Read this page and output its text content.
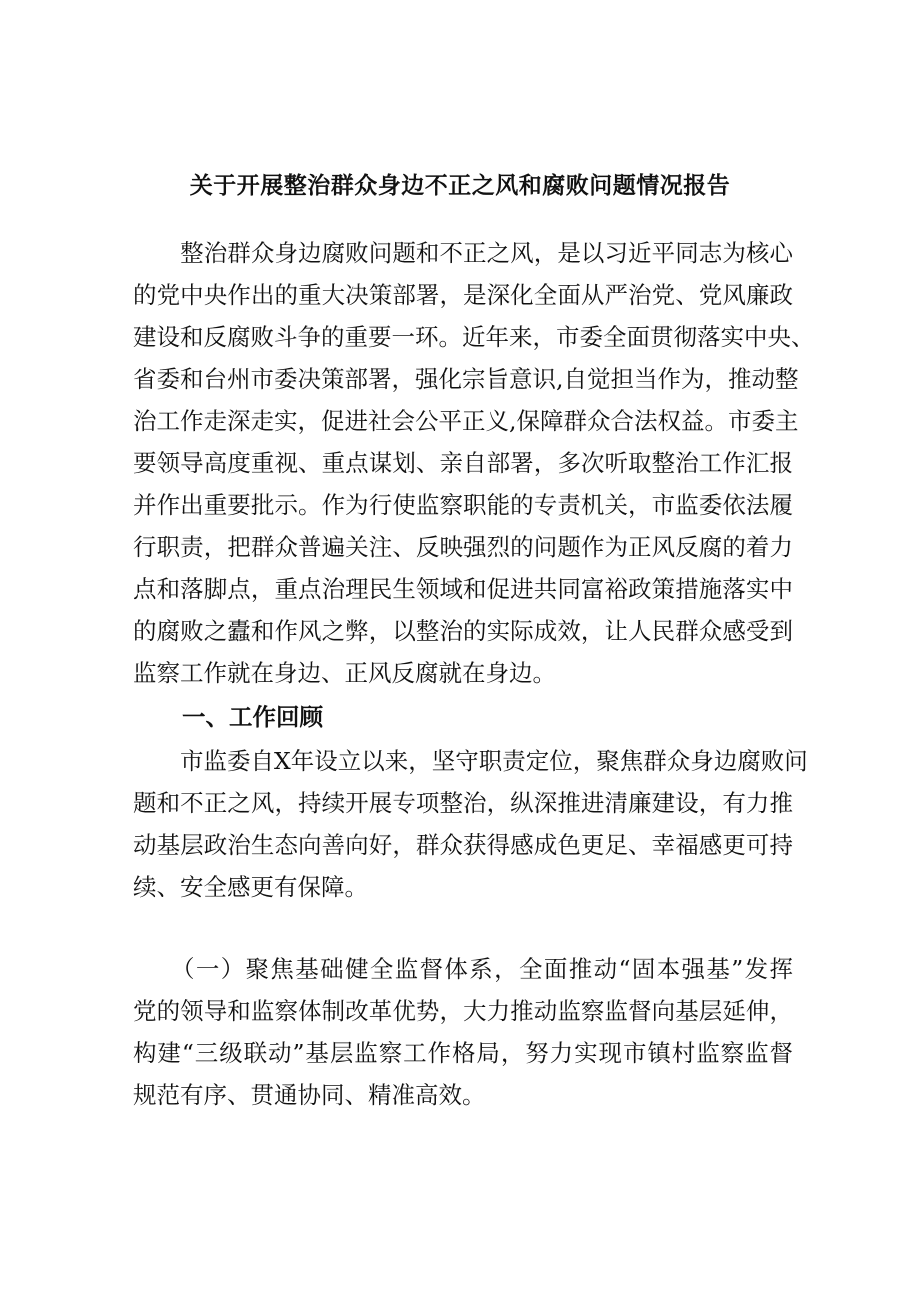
关于开展整治群众身边不正之风和腐败问题情况报告
　　整治群众身边腐败问题和不正之风，是以习近平同志为核心
的党中央作出的重大决策部署，是深化全面从严治党、党风廉政
建设和反腐败斗争的重要一环。近年来，市委全面贯彻落实中央、
省委和台州市委决策部署，强化宗旨意识,自觉担当作为，推动整
治工作走深走实，促进社会公平正义,保障群众合法权益。市委主
要领导高度重视、重点谋划、亲自部署，多次听取整治工作汇报
并作出重要批示。作为行使监察职能的专责机关，市监委依法履
行职责，把群众普遍关注、反映强烈的问题作为正风反腐的着力
点和落脚点，重点治理民生领域和促进共同富裕政策措施落实中
的腐败之蠹和作风之弊，以整治的实际成效，让人民群众感受到
监察工作就在身边、正风反腐就在身边。
一、工作回顾
　　市监委自X年设立以来，坚守职责定位，聚焦群众身边腐败问
题和不正之风，持续开展专项整治，纵深推进清廉建设，有力推
动基层政治生态向善向好，群众获得感成色更足、幸福感更可持
续、安全感更有保障。
　　（一）聚焦基础健全监督体系，全面推动“固本强基”发挥
党的领导和监察体制改革优势，大力推动监察监督向基层延伸，
构建“三级联动”基层监察工作格局，努力实现市镇村监察监督
规范有序、贯通协同、精准高效。
